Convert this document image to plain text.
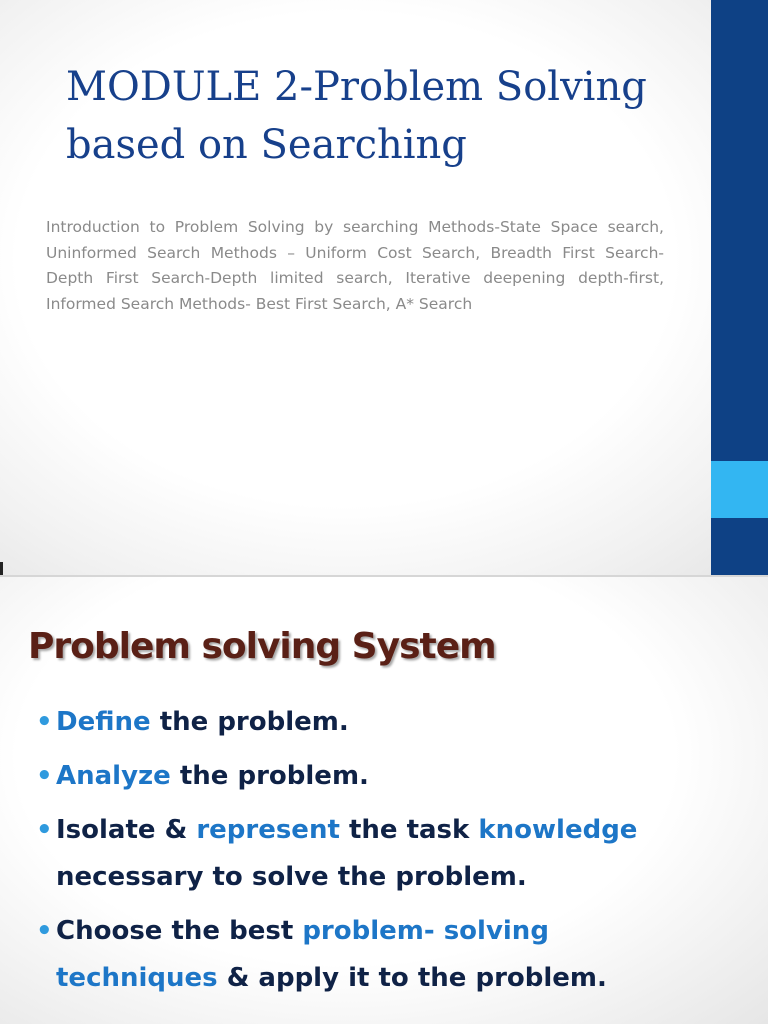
MODULE 2-Problem Solving
based on Searching

Introduction to Problem Solving by searching Methods-State Space search, Uninformed Search Methods – Uniform Cost Search, Breadth First Search- Depth First Search-Depth limited search, Iterative deepening depth-first, Informed Search Methods- Best First Search, A* Search

Problem solving System
• Define the problem.
• Analyze the problem.
• Isolate & represent the task knowledge necessary to solve the problem.
• Choose the best problem- solving techniques & apply it to the problem.
